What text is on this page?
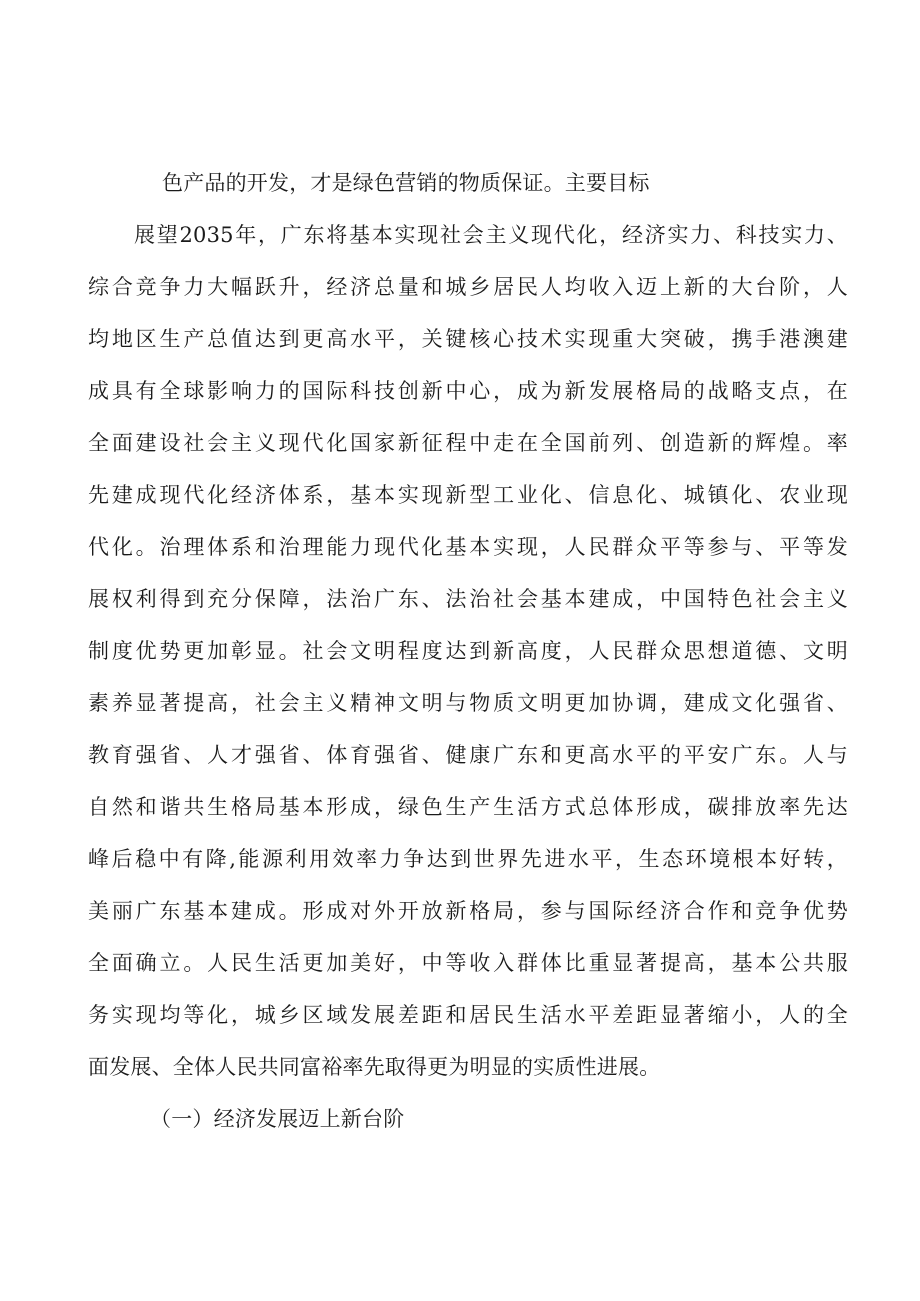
色产品的开发，才是绿色营销的物质保证。主要目标
展望2035年，广东将基本实现社会主义现代化，经济实力、科技实力、
综合竞争力大幅跃升，经济总量和城乡居民人均收入迈上新的大台阶，人
均地区生产总值达到更高水平，关键核心技术实现重大突破，携手港澳建
成具有全球影响力的国际科技创新中心，成为新发展格局的战略支点，在
全面建设社会主义现代化国家新征程中走在全国前列、创造新的辉煌。率
先建成现代化经济体系，基本实现新型工业化、信息化、城镇化、农业现
代化。治理体系和治理能力现代化基本实现，人民群众平等参与、平等发
展权利得到充分保障，法治广东、法治社会基本建成，中国特色社会主义
制度优势更加彰显。社会文明程度达到新高度，人民群众思想道德、文明
素养显著提高，社会主义精神文明与物质文明更加协调，建成文化强省、
教育强省、人才强省、体育强省、健康广东和更高水平的平安广东。人与
自然和谐共生格局基本形成，绿色生产生活方式总体形成，碳排放率先达
峰后稳中有降,能源利用效率力争达到世界先进水平，生态环境根本好转，
美丽广东基本建成。形成对外开放新格局，参与国际经济合作和竞争优势
全面确立。人民生活更加美好，中等收入群体比重显著提高，基本公共服
务实现均等化，城乡区域发展差距和居民生活水平差距显著缩小，人的全
面发展、全体人民共同富裕率先取得更为明显的实质性进展。
（一）经济发展迈上新台阶
